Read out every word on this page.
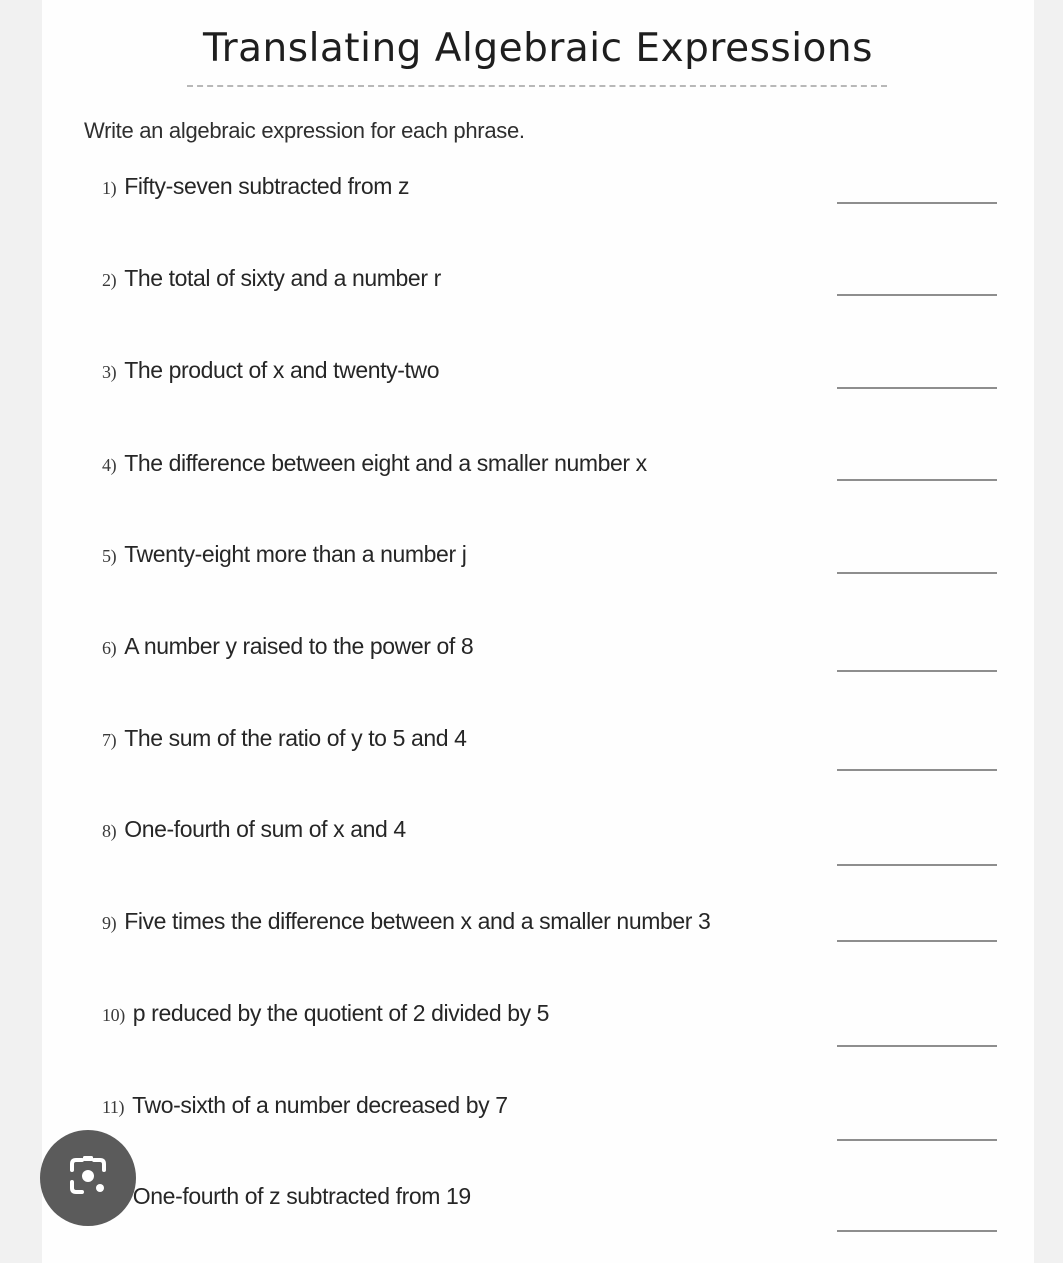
Translating Algebraic Expressions
Write an algebraic expression for each phrase.
1) Fifty-seven subtracted from z
2) The total of sixty and a number r
3) The product of x and twenty-two
4) The difference between eight and a smaller number x
5) Twenty-eight more than a number j
6) A number y raised to the power of 8
7) The sum of the ratio of y to 5 and 4
8) One-fourth of sum of x and 4
9) Five times the difference between x and a smaller number 3
10) p reduced by the quotient of 2 divided by 5
11) Two-sixth of a number decreased by 7
One-fourth of z subtracted from 19
